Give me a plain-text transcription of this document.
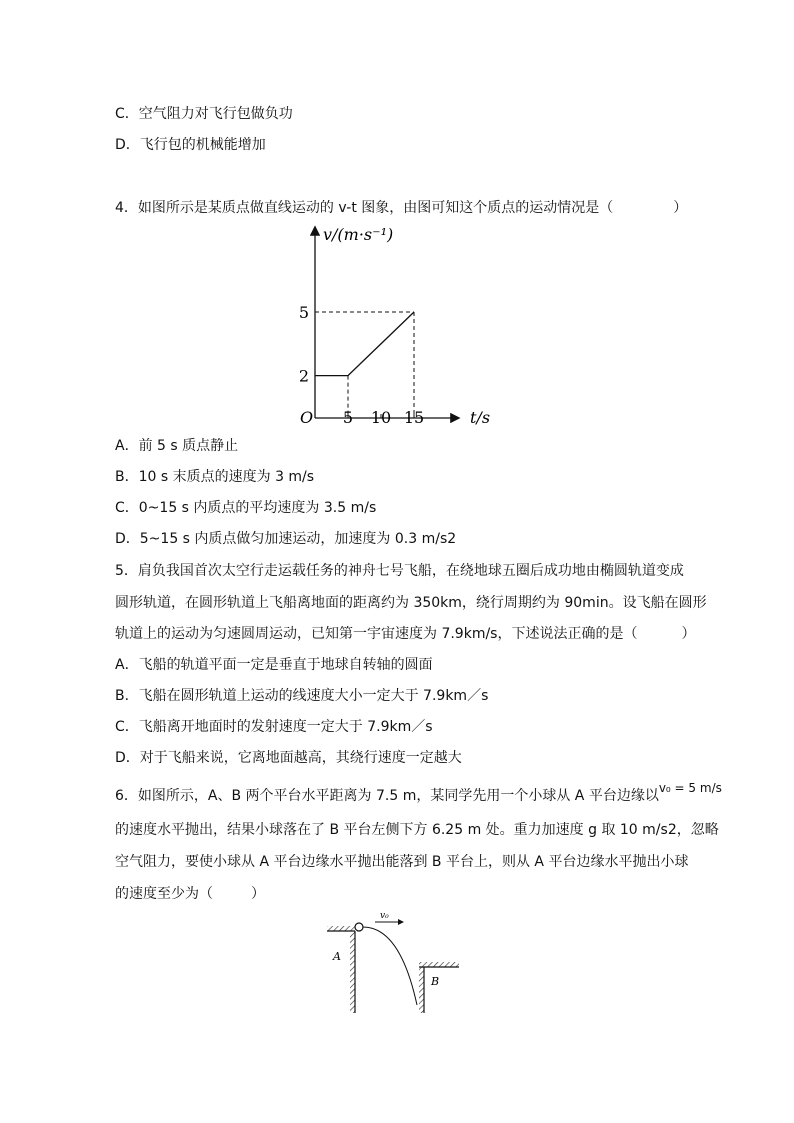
C．空气阻力对飞行包做负功
D．飞行包的机械能增加
4．如图所示是某质点做直线运动的 v-t 图象，由图可知这个质点的运动情况是（	）
5 10 15
2
5
v/(m·s⁻¹)
t/s
O
A．前 5 s 质点静止
B．10 s 末质点的速度为 3 m/s
C．0~15 s 内质点的平均速度为 3.5 m/s
D．5~15 s 内质点做匀加速运动，加速度为 0.3 m/s2
5．肩负我国首次太空行走运载任务的神舟七号飞船，在绕地球五圈后成功地由椭圆轨道变成
圆形轨道，在圆形轨道上飞船离地面的距离约为 350km，绕行周期约为 90min。设飞船在圆形
轨道上的运动为匀速圆周运动，已知第一宇宙速度为 7.9km/s，下述说法正确的是（	）
A．飞船的轨道平面一定是垂直于地球自转轴的圆面
B．飞船在圆形轨道上运动的线速度大小一定大于 7.9km／s
C．飞船离开地面时的发射速度一定大于 7.9km／s
D．对于飞船来说，它离地面越高，其绕行速度一定越大
6．如图所示，A、B 两个平台水平距离为 7.5 m，某同学先用一个小球从 A 平台边缘以v₀ = 5 m/s
的速度水平抛出，结果小球落在了 B 平台左侧下方 6.25 m 处。重力加速度 g 取 10 m/s2，忽略
空气阻力，要使小球从 A 平台边缘水平抛出能落到 B 平台上，则从 A 平台边缘水平抛出小球
的速度至少为（	）
v₀
A
B
